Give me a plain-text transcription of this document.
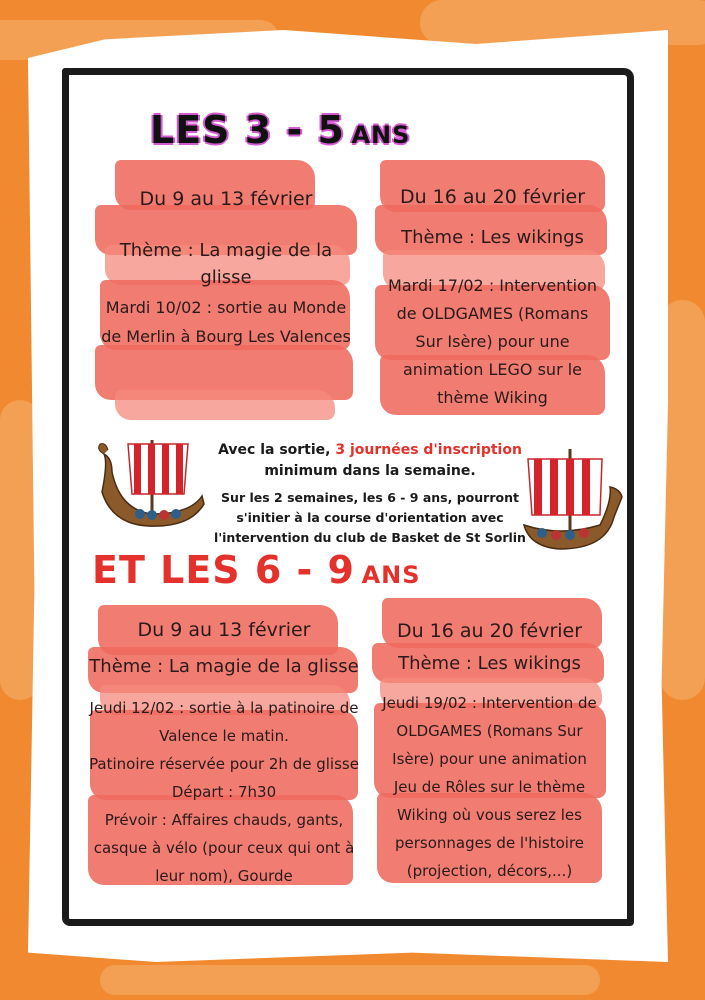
LES 3 - 5 ANS
Du 9 au 13 février
Thème : La magie de la glisse
Mardi 10/02 : sortie au Monde
de Merlin à Bourg Les Valences
Du 16 au 20 février
Thème : Les wikings
Mardi 17/02 : Intervention
de OLDGAMES (Romans
Sur Isère) pour une
animation LEGO sur le
thème Wiking
Avec la sortie, 3 journées d'inscription
minimum dans la semaine.
Sur les 2 semaines, les 6 - 9 ans, pourront
s'initier à la course d'orientation avec
l'intervention du club de Basket de St Sorlin
ET LES 6 - 9 ANS
Du 9 au 13 février
Thème : La magie de la glisse
Jeudi 12/02 : sortie à la patinoire de
Valence le matin.
Patinoire réservée pour 2h de glisse
Départ : 7h30
Prévoir : Affaires chauds, gants,
casque à vélo (pour ceux qui ont à
leur nom), Gourde
Du 16 au 20 février
Thème : Les wikings
Jeudi 19/02 : Intervention de
OLDGAMES (Romans Sur
Isère) pour une animation
Jeu de Rôles sur le thème
Wiking où vous serez les
personnages de l'histoire
(projection, décors,...)
